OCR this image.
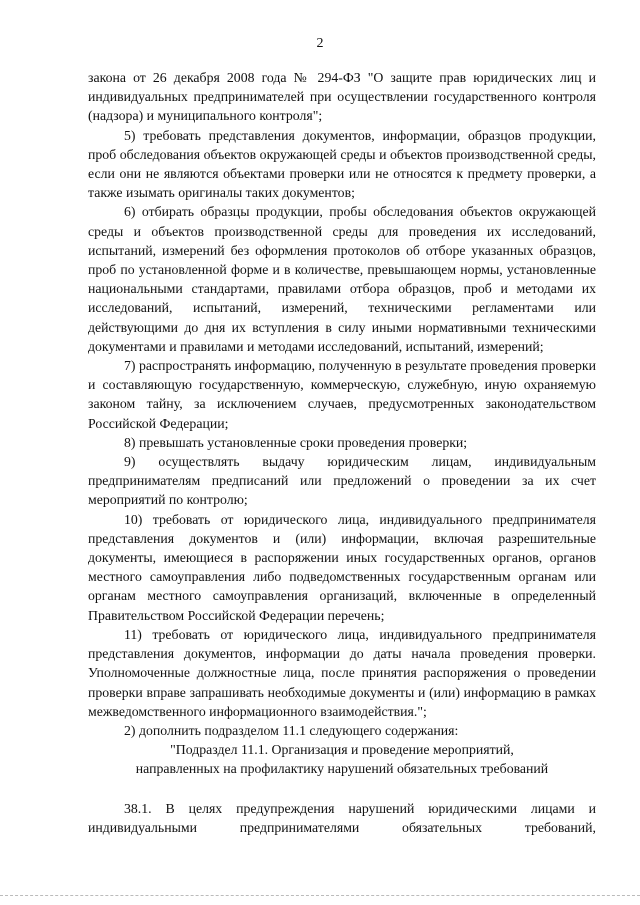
2

закона от 26 декабря 2008 года № 294-ФЗ "О защите прав юридических лиц и индивидуальных предпринимателей при осуществлении государственного контроля (надзора) и муниципального контроля";

5) требовать представления документов, информации, образцов продукции, проб обследования объектов окружающей среды и объектов производственной среды, если они не являются объектами проверки или не относятся к предмету проверки, а также изымать оригиналы таких документов;

6) отбирать образцы продукции, пробы обследования объектов окружающей среды и объектов производственной среды для проведения их исследований, испытаний, измерений без оформления протоколов об отборе указанных образцов, проб по установленной форме и в количестве, превышающем нормы, установленные национальными стандартами, правилами отбора образцов, проб и методами их исследований, испытаний, измерений, техническими регламентами или действующими до дня их вступления в силу иными нормативными техническими документами и правилами и методами исследований, испытаний, измерений;

7) распространять информацию, полученную в результате проведения проверки и составляющую государственную, коммерческую, служебную, иную охраняемую законом тайну, за исключением случаев, предусмотренных законодательством Российской Федерации;

8) превышать установленные сроки проведения проверки;

9) осуществлять выдачу юридическим лицам, индивидуальным предпринимателям предписаний или предложений о проведении за их счет мероприятий по контролю;

10) требовать от юридического лица, индивидуального предпринимателя представления документов и (или) информации, включая разрешительные документы, имеющиеся в распоряжении иных государственных органов, органов местного самоуправления либо подведомственных государственным органам или органам местного самоуправления организаций, включенные в определенный Правительством Российской Федерации перечень;

11) требовать от юридического лица, индивидуального предпринимателя представления документов, информации до даты начала проведения проверки. Уполномоченные должностные лица, после принятия распоряжения о проведении проверки вправе запрашивать необходимые документы и (или) информацию в рамках межведомственного информационного взаимодействия.";

2) дополнить подразделом 11.1 следующего содержания:

"Подраздел 11.1. Организация и проведение мероприятий,

направленных на профилактику нарушений обязательных требований

38.1. В целях предупреждения нарушений юридическими лицами и индивидуальными предпринимателями обязательных требований,
